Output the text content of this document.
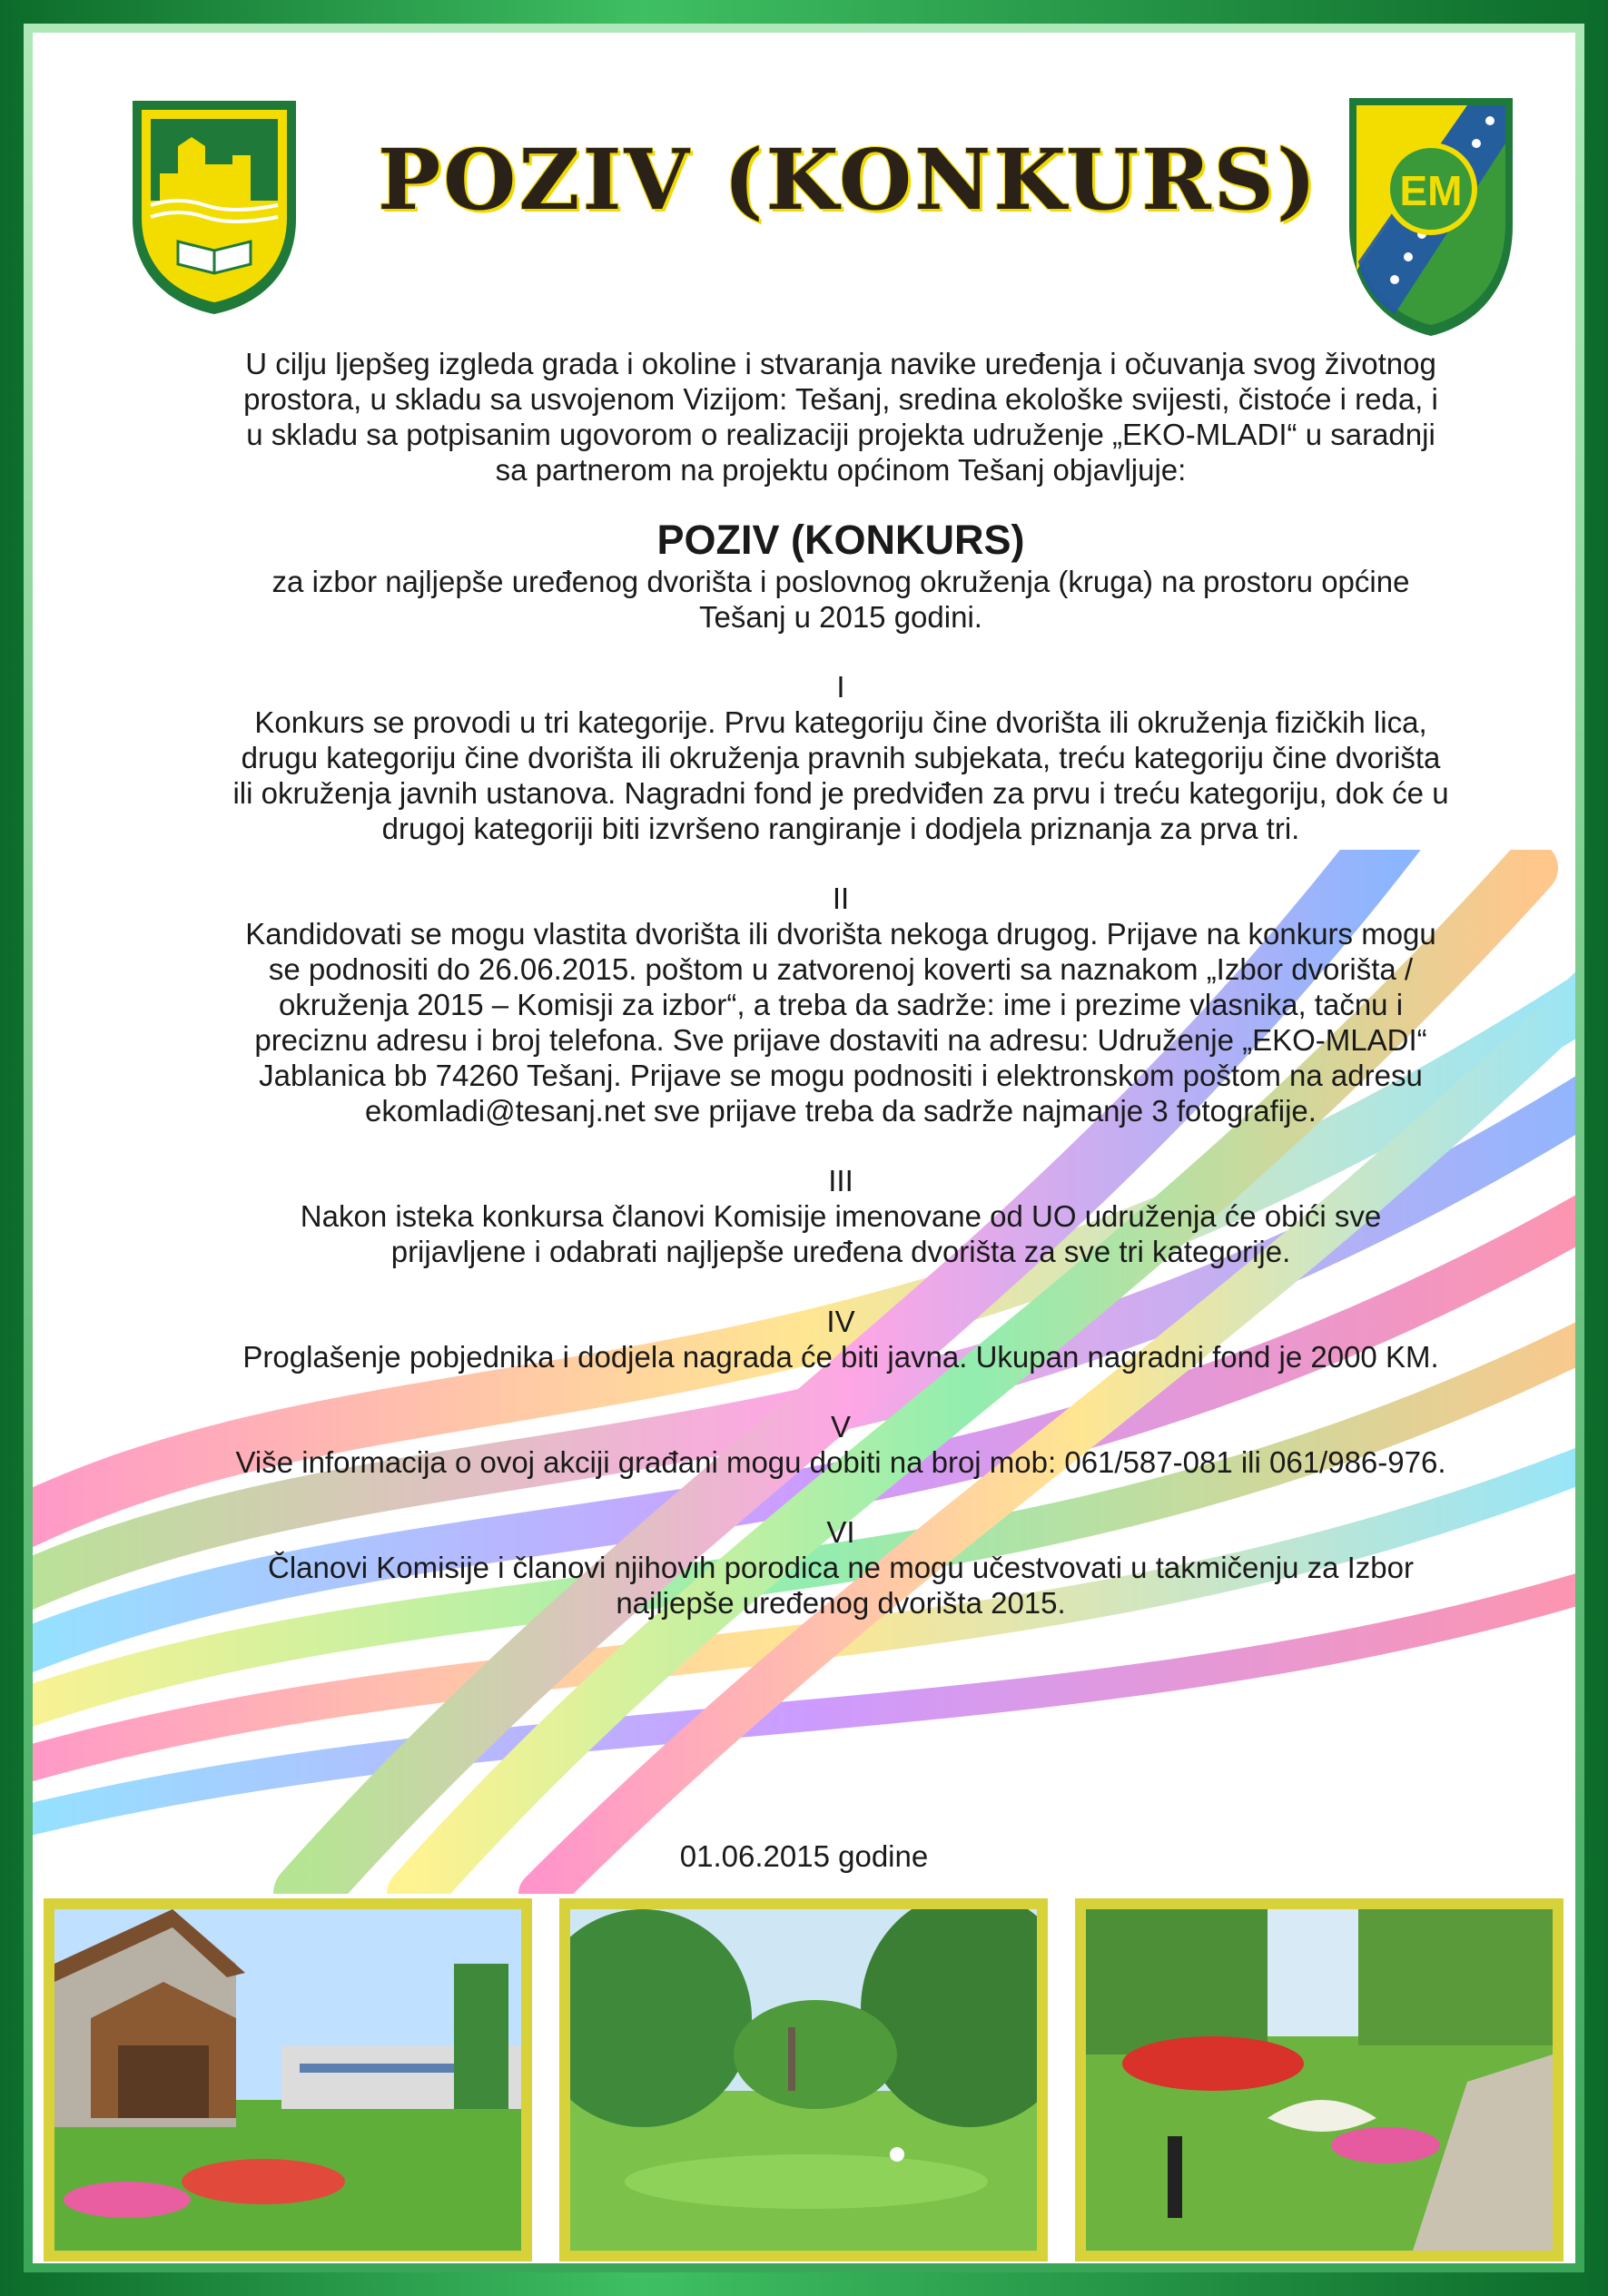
EM
POZIV (KONKURS)
U cilju ljepšeg izgleda grada i okoline i stvaranja navike uređenja i očuvanja svog životnog
prostora, u skladu sa usvojenom Vizijom: Tešanj, sredina ekološke svijesti, čistoće i reda, i
u skladu sa potpisanim ugovorom o realizaciji projekta udruženje „EKO-MLADI“ u saradnji
sa partnerom na projektu općinom Tešanj objavljuje:
POZIV (KONKURS)
za izbor najljepše uređenog dvorišta i poslovnog okruženja (kruga) na prostoru općine
Tešanj u 2015 godini.
I
Konkurs se provodi u tri kategorije. Prvu kategoriju čine dvorišta ili okruženja fizičkih lica,
drugu kategoriju čine dvorišta ili okruženja pravnih subjekata, treću kategoriju čine dvorišta
ili okruženja javnih ustanova. Nagradni fond je predviđen za prvu i treću kategoriju, dok će u
drugoj kategoriji biti izvršeno rangiranje i dodjela priznanja za prva tri.
II
Kandidovati se mogu vlastita dvorišta ili dvorišta nekoga drugog. Prijave na konkurs mogu
se podnositi do 26.06.2015. poštom u zatvorenoj koverti sa naznakom „Izbor dvorišta /
okruženja 2015 – Komisji za izbor“, a treba da sadrže: ime i prezime vlasnika, tačnu i
preciznu adresu i broj telefona. Sve prijave dostaviti na adresu: Udruženje „EKO-MLADI“
Jablanica bb 74260 Tešanj. Prijave se mogu podnositi i elektronskom poštom na adresu
ekomladi@tesanj.net sve prijave treba da sadrže najmanje 3 fotografije.
III
Nakon isteka konkursa članovi Komisije imenovane od UO udruženja će obići sve
prijavljene i odabrati najljepše uređena dvorišta za sve tri kategorije.
IV
Proglašenje pobjednika i dodjela nagrada će biti javna. Ukupan nagradni fond je 2000 KM.
V
Više informacija o ovoj akciji građani mogu dobiti na broj mob: 061/587-081 ili 061/986-976.
VI
Članovi Komisije i članovi njihovih porodica ne mogu učestvovati u takmičenju za Izbor
najljepše uređenog dvorišta 2015.
01.06.2015 godine
